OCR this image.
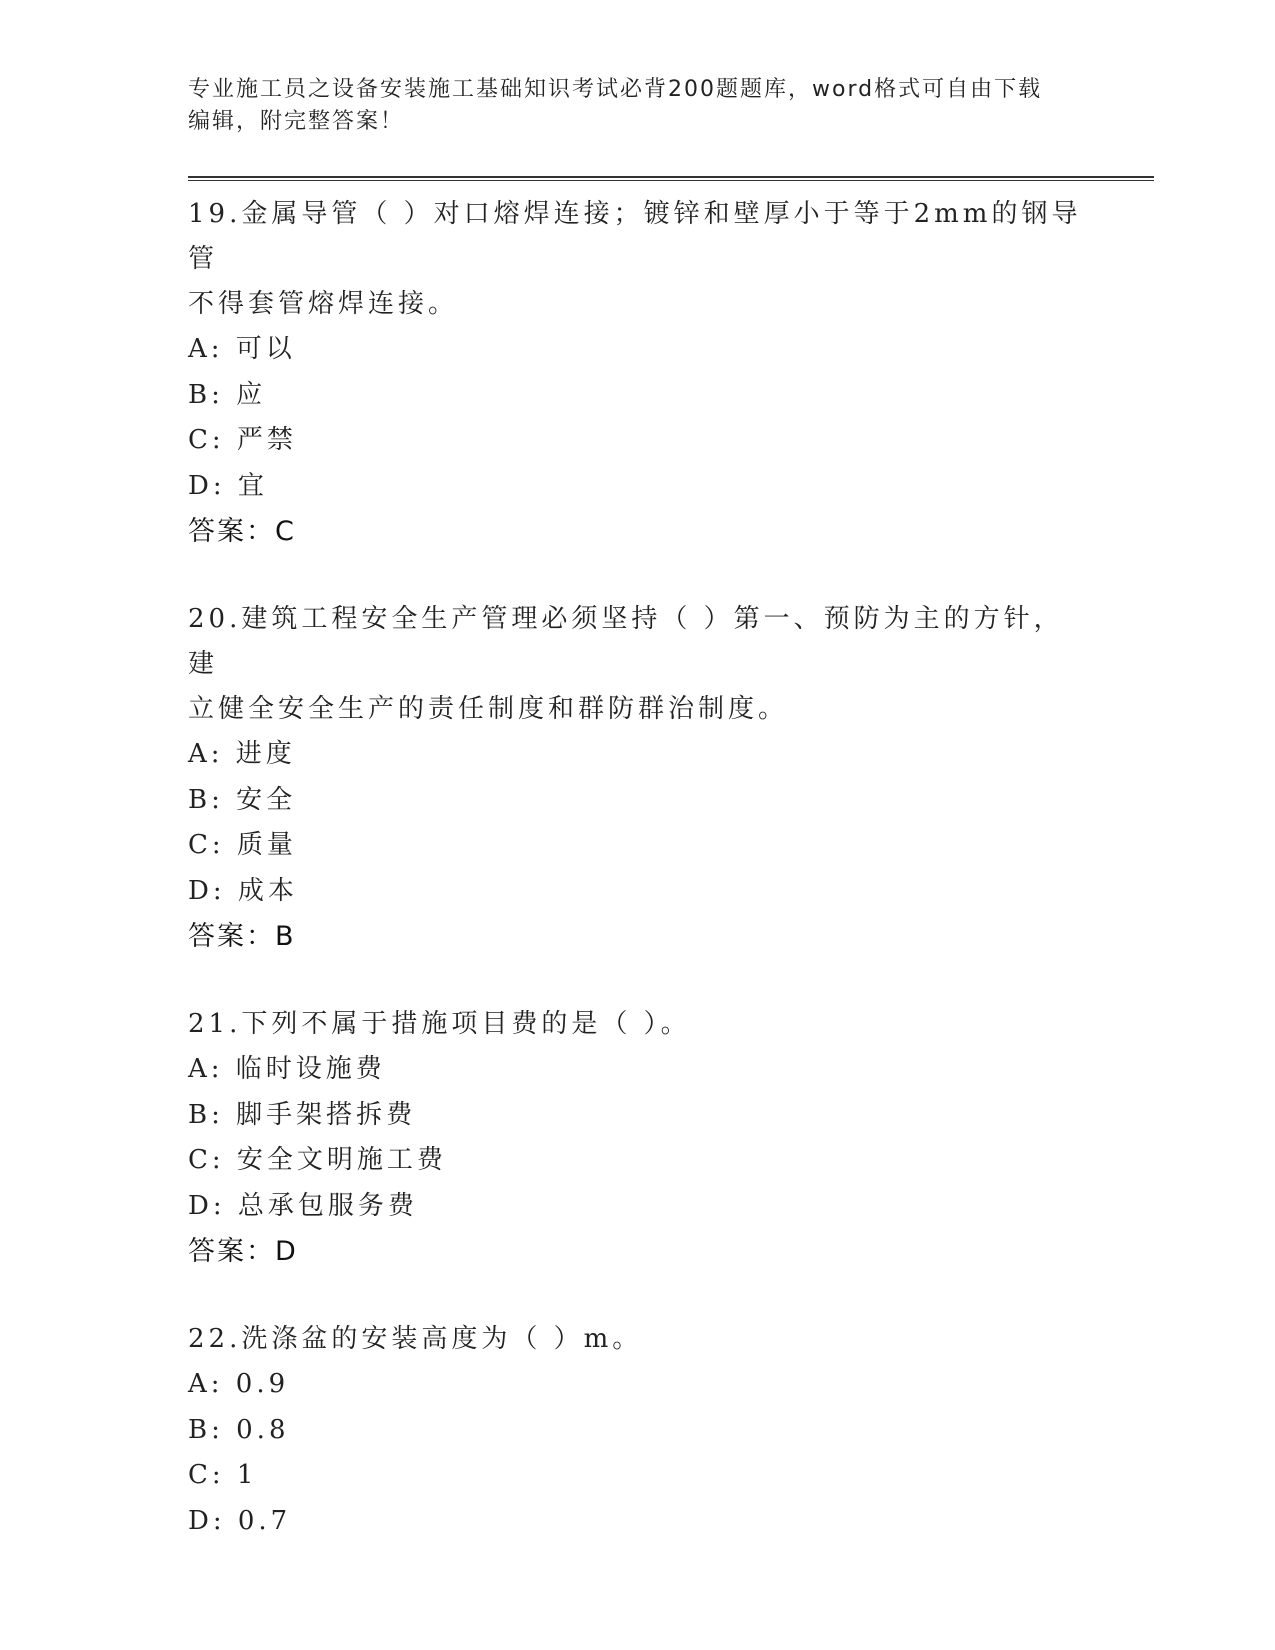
专业施工员之设备安装施工基础知识考试必背200题题库，word格式可自由下载
编辑，附完整答案！

19.金属导管（ ）对口熔焊连接；镀锌和壁厚小于等于2mm的钢导管

不得套管熔焊连接。

A: 可以

B: 应

C: 严禁

D: 宜

答案：C

20.建筑工程安全生产管理必须坚持（ ）第一、预防为主的方针，建

立健全安全生产的责任制度和群防群治制度。

A: 进度

B: 安全

C: 质量

D: 成本

答案：B

21.下列不属于措施项目费的是（ ）。

A: 临时设施费

B: 脚手架搭拆费

C: 安全文明施工费

D: 总承包服务费

答案：D

22.洗涤盆的安装高度为（ ）m。

A: 0.9

B: 0.8

C: 1

D: 0.7
